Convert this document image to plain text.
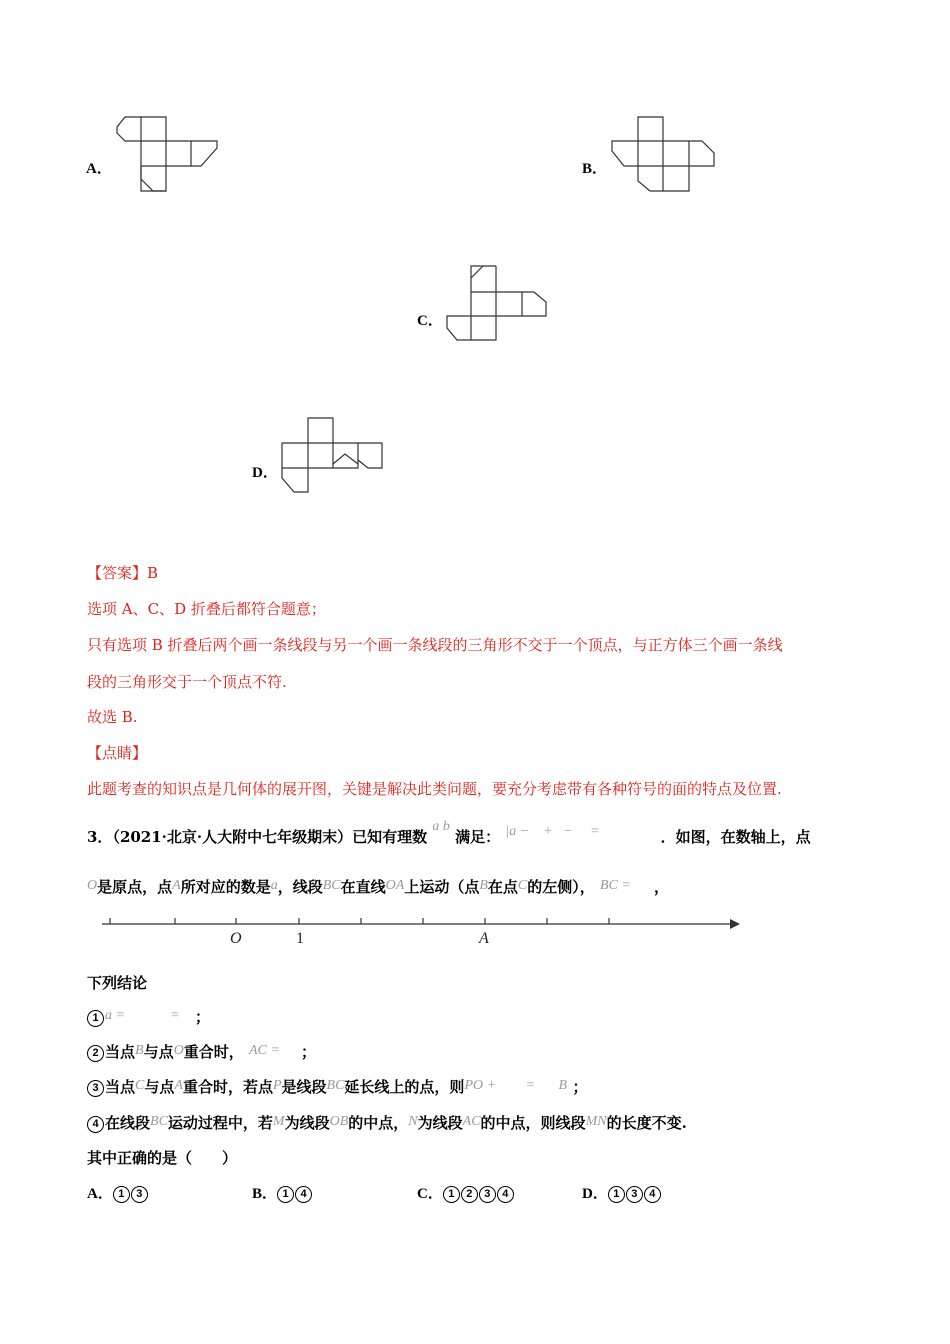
A．	B．
C．
D．
【答案】B
选项 A、C、D 折叠后都符合题意；
只有选项 B 折叠后两个画一条线段与另一个画一条线段的三角形不交于一个顶点，与正方体三个画一条线
段的三角形交于一个顶点不符.
故选 B.
【点睛】
此题考查的知识点是几何体的展开图，关键是解决此类问题，要充分考虑带有各种符号的面的特点及位置.
3．（2021·北京·人大附中七年级期末）已知有理数 a b 满足： |a −    +   −     =	．如图，在数轴上，点
O是原点，点A所对应的数是a，线段BC在直线OA上运动（点B在点C的左侧）， BC = ，
O	1	A
下列结论
1 a =	= ；
2 当点B与点O重合时， AC = ；
3 当点C与点A重合时，若点P是线段BC延长线上的点，则PO + = B ；
4 在线段BC运动过程中，若M为线段OB的中点，N为线段AC的中点，则线段MN的长度不变.
其中正确的是（　　）
A． 1 3	B． 1 4	C． 1 2 3 4	D． 1 3 4
